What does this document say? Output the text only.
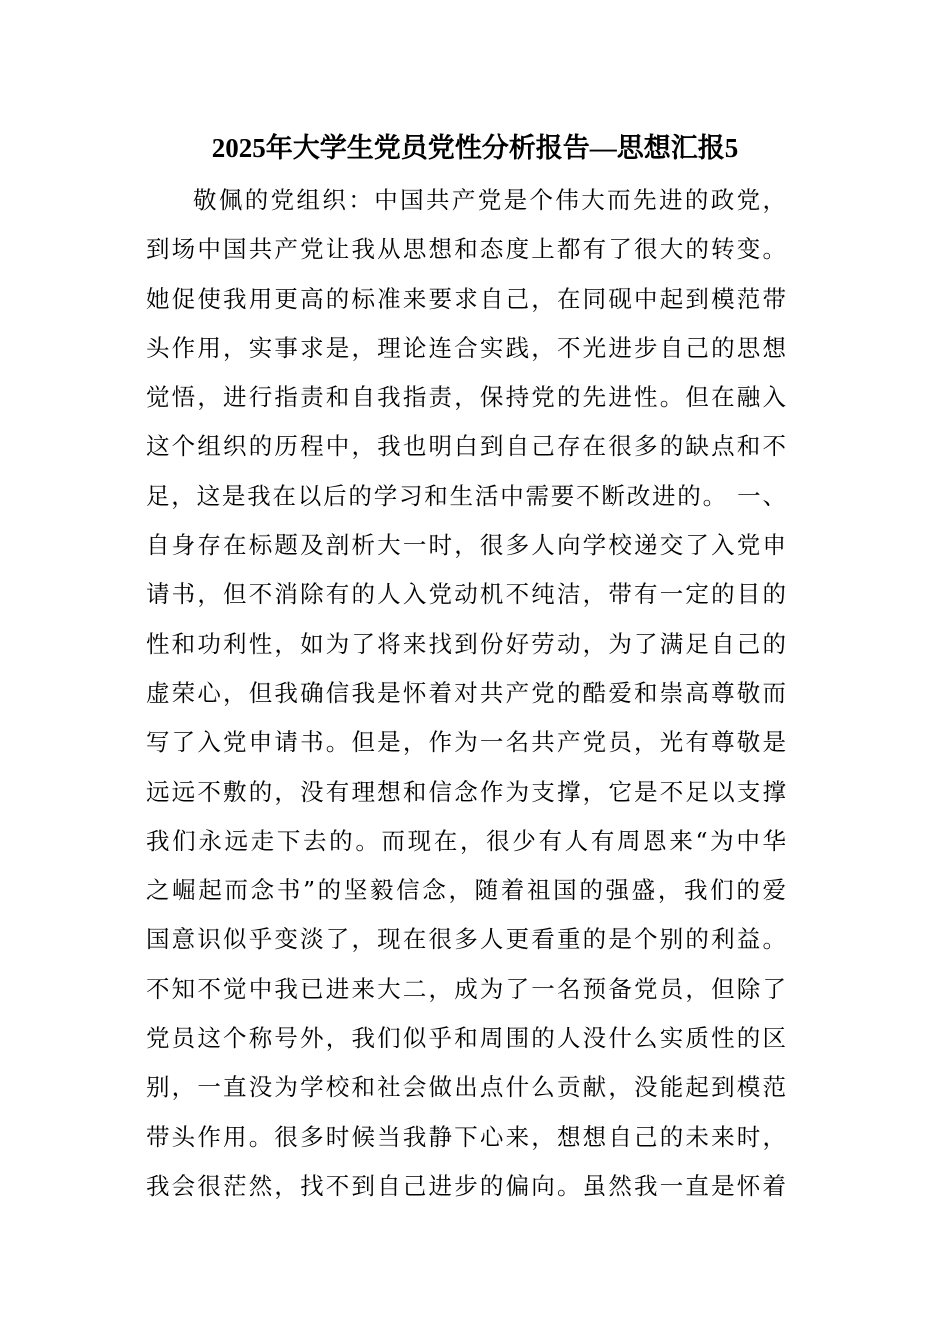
2025年大学生党员党性分析报告—思想汇报5
敬佩的党组织：中国共产党是个伟大而先进的政党，
到场中国共产党让我从思想和态度上都有了很大的转变。
她促使我用更高的标准来要求自己，在同砚中起到模范带
头作用，实事求是，理论连合实践，不光进步自己的思想
觉悟，进行指责和自我指责，保持党的先进性。但在融入
这个组织的历程中，我也明白到自己存在很多的缺点和不
足，这是我在以后的学习和生活中需要不断改进的。 一、
自身存在标题及剖析大一时，很多人向学校递交了入党申
请书，但不消除有的人入党动机不纯洁，带有一定的目的
性和功利性，如为了将来找到份好劳动，为了满足自己的
虚荣心，但我确信我是怀着对共产党的酷爱和崇高尊敬而
写了入党申请书。但是，作为一名共产党员，光有尊敬是
远远不敷的，没有理想和信念作为支撑，它是不足以支撑
我们永远走下去的。而现在，很少有人有周恩来“为中华
之崛起而念书”的坚毅信念，随着祖国的强盛，我们的爱
国意识似乎变淡了，现在很多人更看重的是个别的利益。
不知不觉中我已进来大二，成为了一名预备党员，但除了
党员这个称号外，我们似乎和周围的人没什么实质性的区
别，一直没为学校和社会做出点什么贡献，没能起到模范
带头作用。很多时候当我静下心来，想想自己的未来时，
我会很茫然，找不到自己进步的偏向。虽然我一直是怀着
